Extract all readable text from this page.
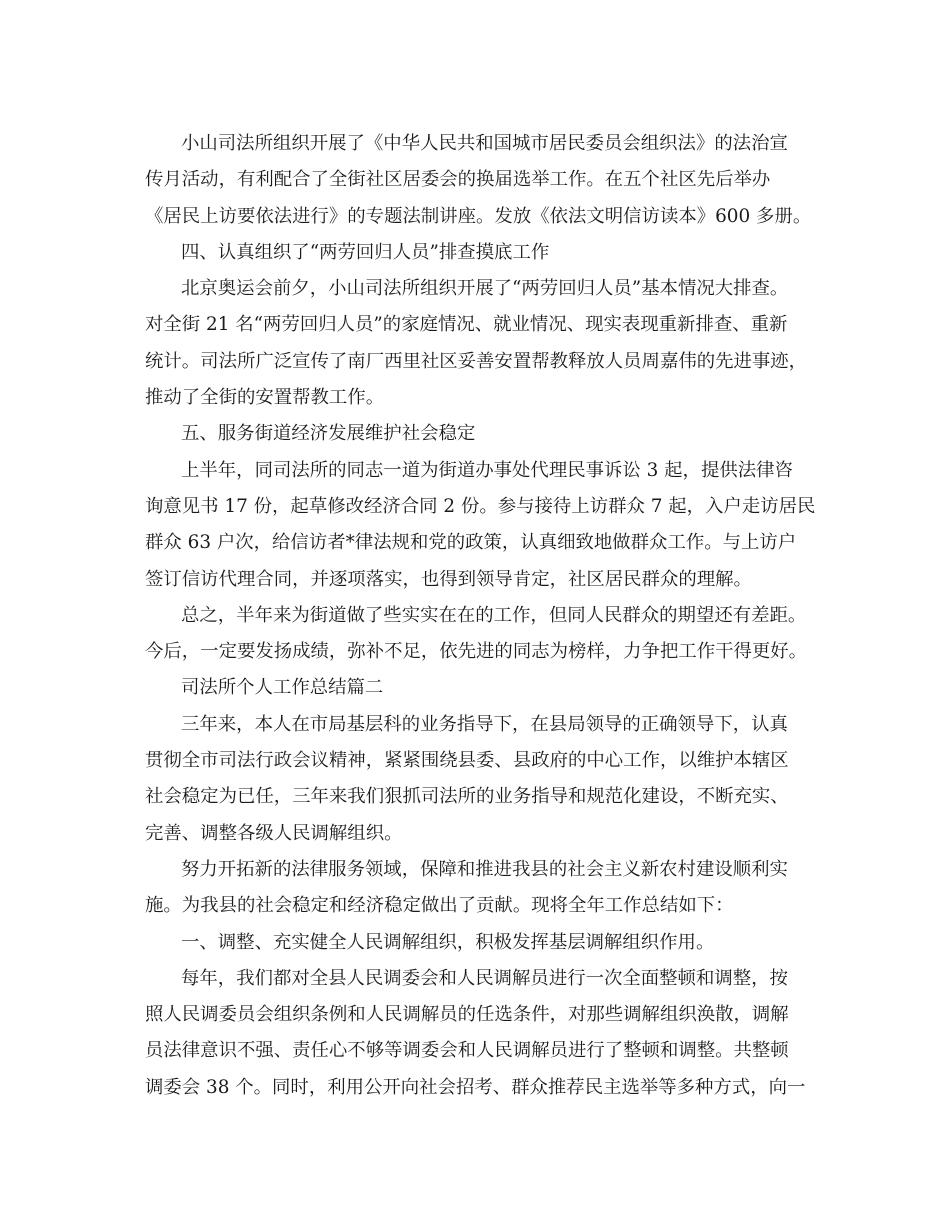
小山司法所组织开展了《中华人民共和国城市居民委员会组织法》的法治宣
传月活动，有利配合了全街社区居委会的换届选举工作。在五个社区先后举办
《居民上访要依法进行》的专题法制讲座。发放《依法文明信访读本》600 多册。
四、认真组织了“两劳回归人员”排查摸底工作
北京奥运会前夕，小山司法所组织开展了“两劳回归人员”基本情况大排查。
对全街 21 名“两劳回归人员”的家庭情况、就业情况、现实表现重新排查、重新
统计。司法所广泛宣传了南厂西里社区妥善安置帮教释放人员周嘉伟的先进事迹，
推动了全街的安置帮教工作。
五、服务街道经济发展维护社会稳定
上半年，同司法所的同志一道为街道办事处代理民事诉讼 3 起，提供法律咨
询意见书 17 份，起草修改经济合同 2 份。参与接待上访群众 7 起，入户走访居民
群众 63 户次，给信访者*律法规和党的政策，认真细致地做群众工作。与上访户
签订信访代理合同，并逐项落实，也得到领导肯定，社区居民群众的理解。
总之，半年来为街道做了些实实在在的工作，但同人民群众的期望还有差距。
今后，一定要发扬成绩，弥补不足，依先进的同志为榜样，力争把工作干得更好。
司法所个人工作总结篇二
三年来，本人在市局基层科的业务指导下，在县局领导的正确领导下，认真
贯彻全市司法行政会议精神，紧紧围绕县委、县政府的中心工作，以维护本辖区
社会稳定为已任，三年来我们狠抓司法所的业务指导和规范化建设，不断充实、
完善、调整各级人民调解组织。
努力开拓新的法律服务领域，保障和推进我县的社会主义新农村建设顺利实
施。为我县的社会稳定和经济稳定做出了贡献。现将全年工作总结如下：
一、调整、充实健全人民调解组织，积极发挥基层调解组织作用。
每年，我们都对全县人民调委会和人民调解员进行一次全面整顿和调整，按
照人民调委员会组织条例和人民调解员的任选条件，对那些调解组织涣散，调解
员法律意识不强、责任心不够等调委会和人民调解员进行了整顿和调整。共整顿
调委会 38 个。同时，利用公开向社会招考、群众推荐民主选举等多种方式，向一
